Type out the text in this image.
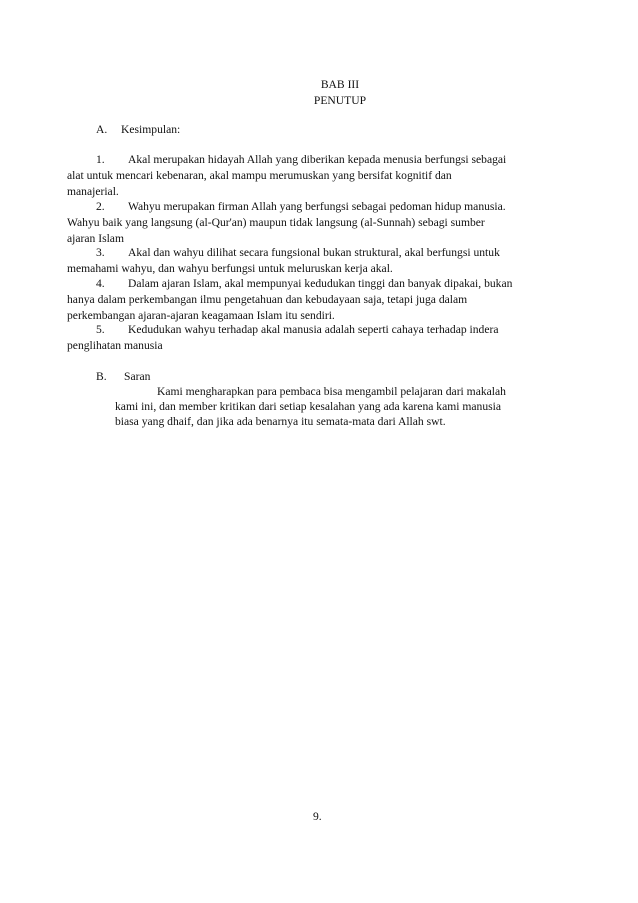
BAB III
PENUTUP
A. Kesimpulan:
1. Akal merupakan hidayah Allah yang diberikan kepada menusia berfungsi sebagai
alat untuk mencari kebenaran, akal mampu merumuskan yang bersifat kognitif dan
manajerial.
2. Wahyu merupakan firman Allah yang berfungsi sebagai pedoman hidup manusia.
Wahyu baik yang langsung (al-Qur'an) maupun tidak langsung (al-Sunnah) sebagi sumber
ajaran Islam
3. Akal dan wahyu dilihat secara fungsional bukan struktural, akal berfungsi untuk
memahami wahyu, dan wahyu berfungsi untuk meluruskan kerja akal.
4. Dalam ajaran Islam, akal mempunyai kedudukan tinggi dan banyak dipakai, bukan
hanya dalam perkembangan ilmu pengetahuan dan kebudayaan saja, tetapi juga dalam
perkembangan ajaran-ajaran keagamaan Islam itu sendiri.
5. Kedudukan wahyu terhadap akal manusia adalah seperti cahaya terhadap indera
penglihatan manusia
B. Saran
Kami mengharapkan para pembaca bisa mengambil pelajaran dari makalah
kami ini, dan member kritikan dari setiap kesalahan yang ada karena kami manusia
biasa yang dhaif, dan jika ada benarnya itu semata-mata dari Allah swt.
9.
